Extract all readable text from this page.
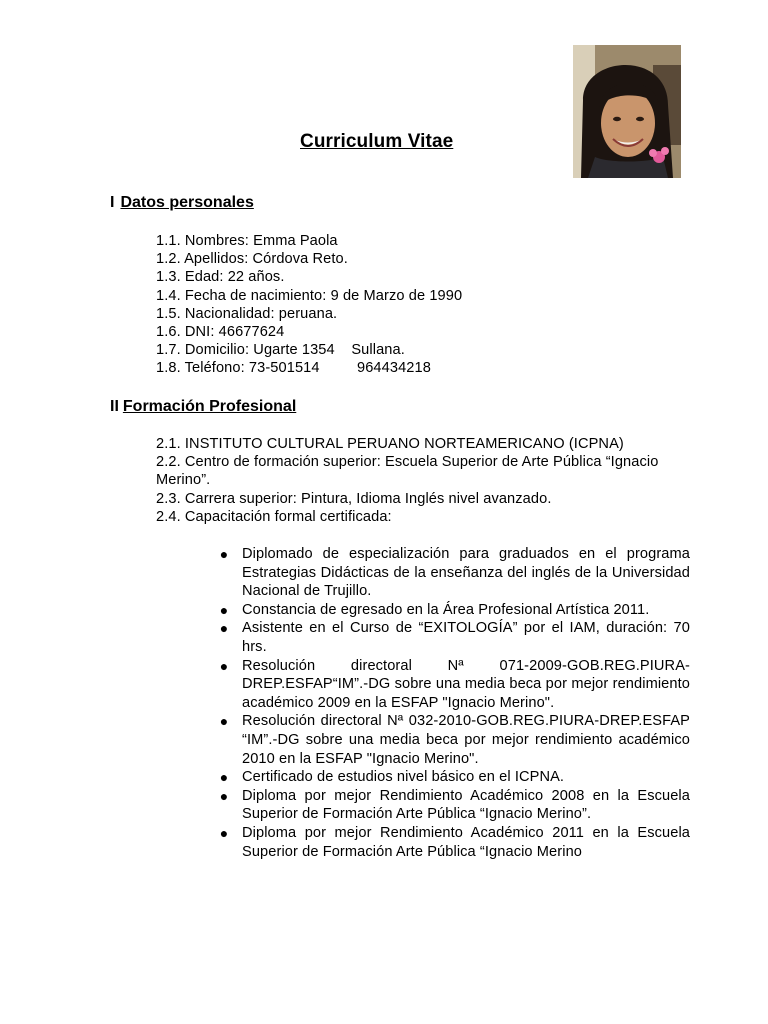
Curriculum Vitae
I Datos personales
1.1. Nombres: Emma Paola
1.2. Apellidos: Córdova Reto.
1.3. Edad: 22 años.
1.4. Fecha de nacimiento: 9 de Marzo de 1990
1.5. Nacionalidad: peruana.
1.6. DNI: 46677624
1.7. Domicilio: Ugarte 1354    Sullana.
1.8. Teléfono: 73-501514         964434218
II Formación Profesional
2.1. INSTITUTO CULTURAL PERUANO NORTEAMERICANO (ICPNA)
2.2. Centro de formación superior: Escuela Superior de Arte Pública “Ignacio Merino”.
2.3. Carrera superior: Pintura, Idioma Inglés nivel avanzado.
2.4. Capacitación formal certificada:
● Diplomado de especialización para graduados en el programa Estrategias Didácticas de la enseñanza del inglés de la Universidad Nacional de Trujillo.
● Constancia de egresado en la Área Profesional Artística 2011.
● Asistente en el Curso de “EXITOLOGÍA” por el IAM, duración: 70 hrs.
● Resolución directoral Nª 071-2009-GOB.REG.PIURA-DREP.ESFAP“IM”.-DG sobre una media beca por mejor rendimiento académico 2009 en la ESFAP "Ignacio Merino".
● Resolución directoral Nª 032-2010-GOB.REG.PIURA-DREP.ESFAP “IM”.-DG sobre una media beca por mejor rendimiento académico 2010 en la ESFAP "Ignacio Merino".
● Certificado de estudios nivel básico en el ICPNA.
● Diploma por mejor Rendimiento Académico 2008 en la Escuela Superior de Formación Arte Pública “Ignacio Merino”.
● Diploma por mejor Rendimiento Académico 2011 en la Escuela Superior de Formación Arte Pública “Ignacio Merino
